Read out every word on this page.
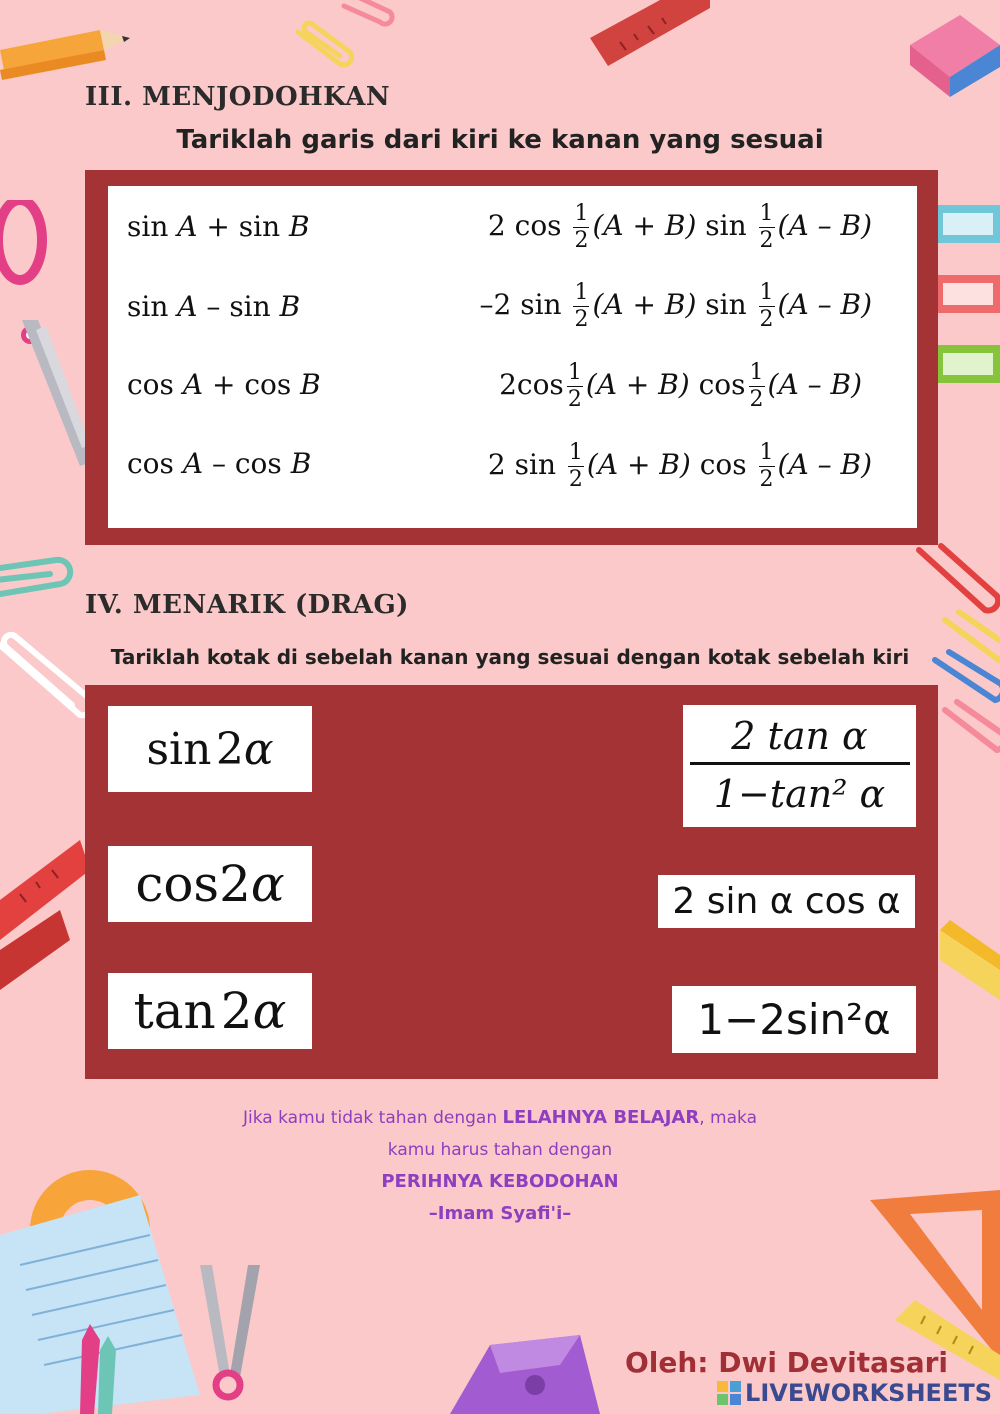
III. MENJODOHKAN
Tariklah garis dari kiri ke kanan yang sesuai
sin A + sin B
sin A – sin B
cos A + cos B
cos A – cos B
2 $\cos \frac{1}{2} (A + B)$ $\sin \frac{1}{2} (A - B)$
–2 $\sin \frac{1}{2} (A + B)$ $\sin \frac{1}{2} (A - B)$
$2\cos \frac{1}{2} (A + B)$ $\cos \frac{1}{2} (A - B)$
2 $\sin \frac{1}{2} (A + B)$ $\cos \frac{1}{2} (A - B)$
IV. MENARIK (DRAG)
Tariklah kotak di sebelah kanan yang sesuai dengan kotak sebelah kiri
sin
  2 α
cos 2 α
tan
  2 α
2 tan α
1−tan² α
2 sin α cos α
1−2sin²α
Jika kamu tidak tahan dengan LELAHNYA BELAJAR, maka kamu harus tahan dengan
PERIHNYA KEBODOHAN
–Imam Syafi'i–
Oleh: Dwi Devitasari
LIVEWORKSHEETS
